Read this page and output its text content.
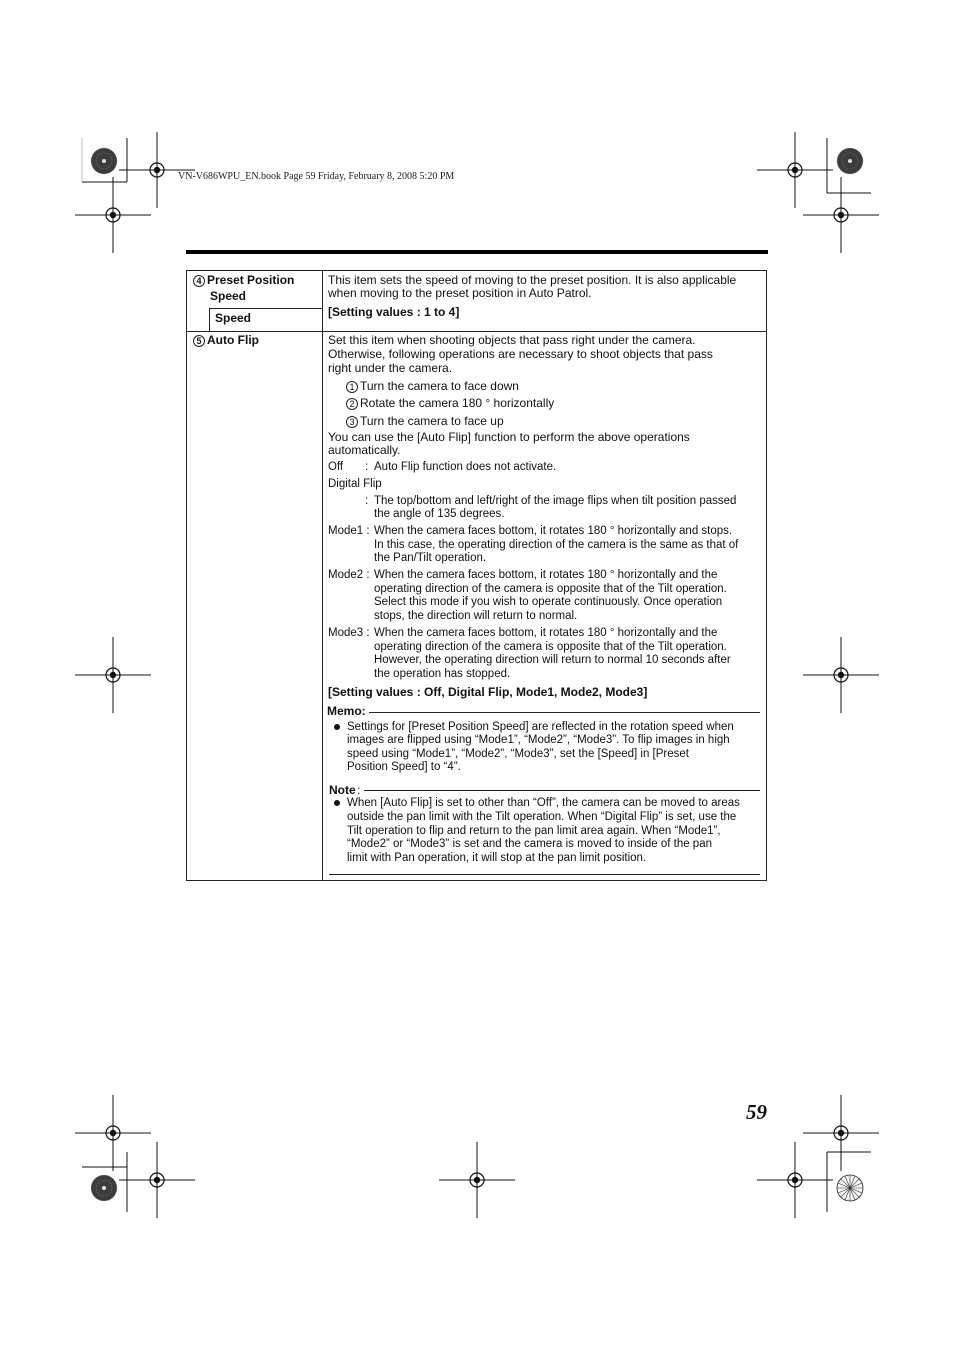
VN-V686WPU_EN.book Page 59 Friday, February 8, 2008 5:20 PM
4 Preset Position
Speed
Speed
This item sets the speed of moving to the preset position. It is also applicable
when moving to the preset position in Auto Patrol.
[Setting values : 1 to 4]
5 Auto Flip	Set this item when shooting objects that pass right under the camera.
Otherwise, following operations are necessary to shoot objects that pass
right under the camera.
1 Turn the camera to face down
2 Rotate the camera 180 ° horizontally
3 Turn the camera to face up
You can use the [Auto Flip] function to perform the above operations
automatically.
Off : Auto Flip function does not activate.
Digital Flip
: The top/bottom and left/right of the image flips when tilt position passed
the angle of 135 degrees.
Mode1 : When the camera faces bottom, it rotates 180 ° horizontally and stops.
In this case, the operating direction of the camera is the same as that of
the Pan/Tilt operation.
Mode2 : When the camera faces bottom, it rotates 180 ° horizontally and the
operating direction of the camera is opposite that of the Tilt operation.
Select this mode if you wish to operate continuously. Once operation
stops, the direction will return to normal.
Mode3 : When the camera faces bottom, it rotates 180 ° horizontally and the
operating direction of the camera is opposite that of the Tilt operation.
However, the operating direction will return to normal 10 seconds after
the operation has stopped.
[Setting values : Off, Digital Flip, Mode1, Mode2, Mode3]
Memo:
Settings for [Preset Position Speed] are reflected in the rotation speed when
images are flipped using “Mode1”, “Mode2”, “Mode3”. To flip images in high
speed using “Mode1”, “Mode2”, “Mode3”, set the [Speed] in [Preset
Position Speed] to “4”.
Note :
When [Auto Flip] is set to other than “Off”, the camera can be moved to areas
outside the pan limit with the Tilt operation. When “Digital Flip” is set, use the
Tilt operation to flip and return to the pan limit area again. When “Mode1”,
“Mode2” or “Mode3” is set and the camera is moved to inside of the pan
limit with Pan operation, it will stop at the pan limit position.
59
